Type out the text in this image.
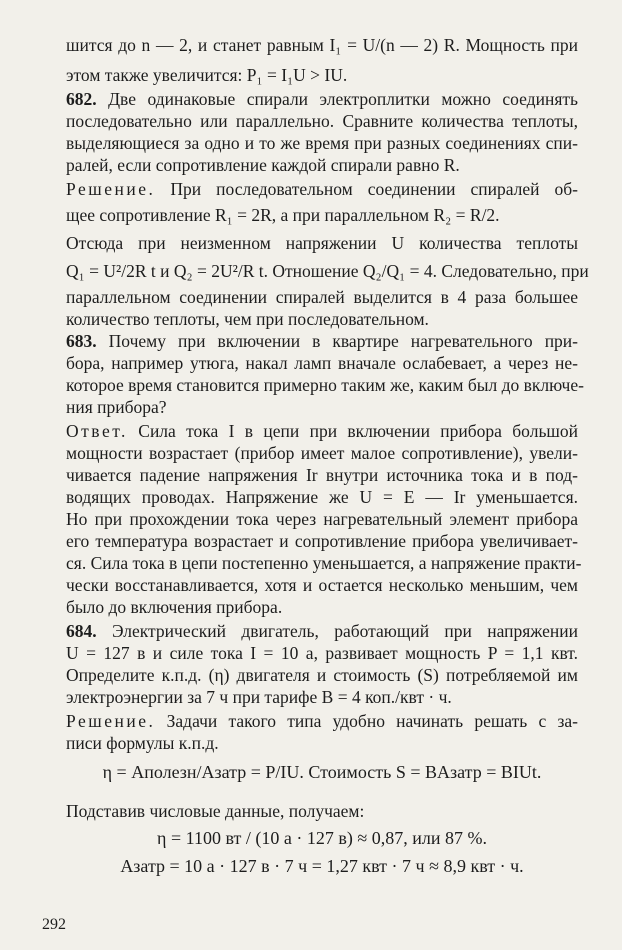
шится до n — 2, и станет равным I₁ = U/(n — 2) R. Мощность при
этом также увеличится: P₁ = I₁U > IU.
682. Две одинаковые спирали электроплитки можно соединять
последовательно или параллельно. Сравните количества теплоты,
выделяющиеся за одно и то же время при разных соединениях спи-
ралей, если сопротивление каждой спирали равно R.
Решение. При последовательном соединении спиралей об-
щее сопротивление R₁ = 2R, а при параллельном R₂ = R/2.
Отсюда при неизменном напряжении U количества теплоты
Q₁ = U²/2R t и Q₂ = 2U²/R t. Отношение Q₂/Q₁ = 4. Следовательно, при
параллельном соединении спиралей выделится в 4 раза большее
количество теплоты, чем при последовательном.
683. Почему при включении в квартире нагревательного при-
бора, например утюга, накал ламп вначале ослабевает, а через не-
которое время становится примерно таким же, каким был до включе-
ния прибора?
Ответ. Сила тока I в цепи при включении прибора большой
мощности возрастает (прибор имеет малое сопротивление), увели-
чивается падение напряжения Ir внутри источника тока и в под-
водящих проводах. Напряжение же U = E — Ir уменьшается.
Но при прохождении тока через нагревательный элемент прибора
его температура возрастает и сопротивление прибора увеличивает-
ся. Сила тока в цепи постепенно уменьшается, а напряжение практи-
чески восстанавливается, хотя и остается несколько меньшим, чем
было до включения прибора.
684. Электрический двигатель, работающий при напряжении
U = 127 в и силе тока I = 10 а, развивает мощность P = 1,1 квт.
Определите к.п.д. (η) двигателя и стоимость (S) потребляемой им
электроэнергии за 7 ч при тарифе B = 4 коп./квт · ч.
Решение. Задачи такого типа удобно начинать решать с за-
писи формулы к.п.д.
η = Aполезн/Aзатр = P/IU. Стоимость S = BAзатр = BIUt.
Подставив числовые данные, получаем:
η = 1100 вт / (10 а · 127 в) ≈ 0,87, или 87 %.
Aзатр = 10 а · 127 в · 7 ч = 1,27 квт · 7 ч ≈ 8,9 квт · ч.
292
